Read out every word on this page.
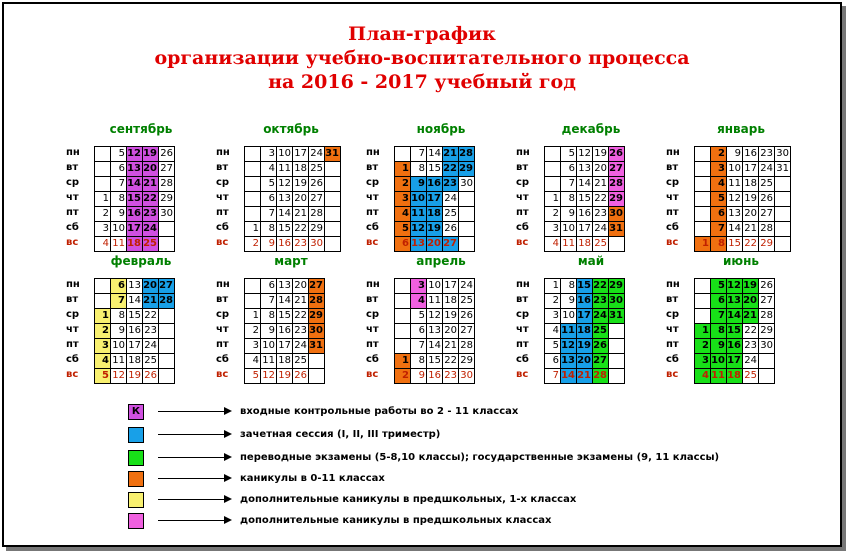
План-график
организации учебно-воспитательного процесса
на 2016 - 2017 учебный год
сентябрь
пн
вт
ср
чт
пт
сб
вс
1
2
3
4
5
6
7
8
9
10
11
12
13
14
15
16
17
18
19
20
21
22
23
24
25
26
27
28
29
30
октябрь
пн
вт
ср
чт
пт
сб
вс
1
2
3
4
5
6
7
8
9
10
11
12
13
14
15
16
17
18
19
20
21
22
23
24
25
26
27
28
29
30
31
ноябрь
пн
вт
ср
чт
пт
сб
вс
1
2
3
4
5
6
7
8
9
10
11
12
13
14
15
16
17
18
19
20
21
22
23
24
25
26
27
28
29
30
декабрь
пн
вт
ср
чт
пт
сб
вс
1
2
3
4
5
6
7
8
9
10
11
12
13
14
15
16
17
18
19
20
21
22
23
24
25
26
27
28
29
30
31
январь
пн
вт
ср
чт
пт
сб
вс	1
2
3
4
5
6
7
8
9
10
11
12
13
14
15
16
17
18
19
20
21
22
23
24
25
26
27
28
29
30
31
февраль
пн
вт
ср
чт
пт
сб
вс
1
2
3
4
5
6
7
8
9
10
11
12
13
14
15
16
17
18
19
20
21
22
23
24
25
26
27
28
март
пн
вт
ср
чт
пт
сб
вс
1
2
3
4
5
6
7
8
9
10
11
12
13
14
15
16
17
18
19
20
21
22
23
24
25
26
27
28
29
30
31
апрель
пн
вт
ср
чт
пт
сб
вс
1
2
3
4
5
6
7
8
9
10
11
12
13
14
15
16
17
18
19
20
21
22
23
24
25
26
27
28
29
30
май
пн
вт
ср
чт
пт
сб
вс
1
2
3
4
5
6
7
8
9
10
11
12
13
14
15
16
17
18
19
20
21
22
23
24
25
26
27
28
29
30
31
июнь
пн
вт
ср
чт
пт
сб
вс
1
2
3
4
5
6
7
8
9
10
11
12
13
14
15
16
17
18
19
20
21
22
23
24
25
26
27
28
29
30
К	входные контрольные работы во 2 - 11 классах
зачетная сессия (I, II, III триместр)
переводные экзамены (5-8,10 классы); государственные экзамены (9, 11 классы)
каникулы в 0-11 классах
дополнительные каникулы в предшкольных, 1-х классах
дополнительные каникулы в предшкольных классах
